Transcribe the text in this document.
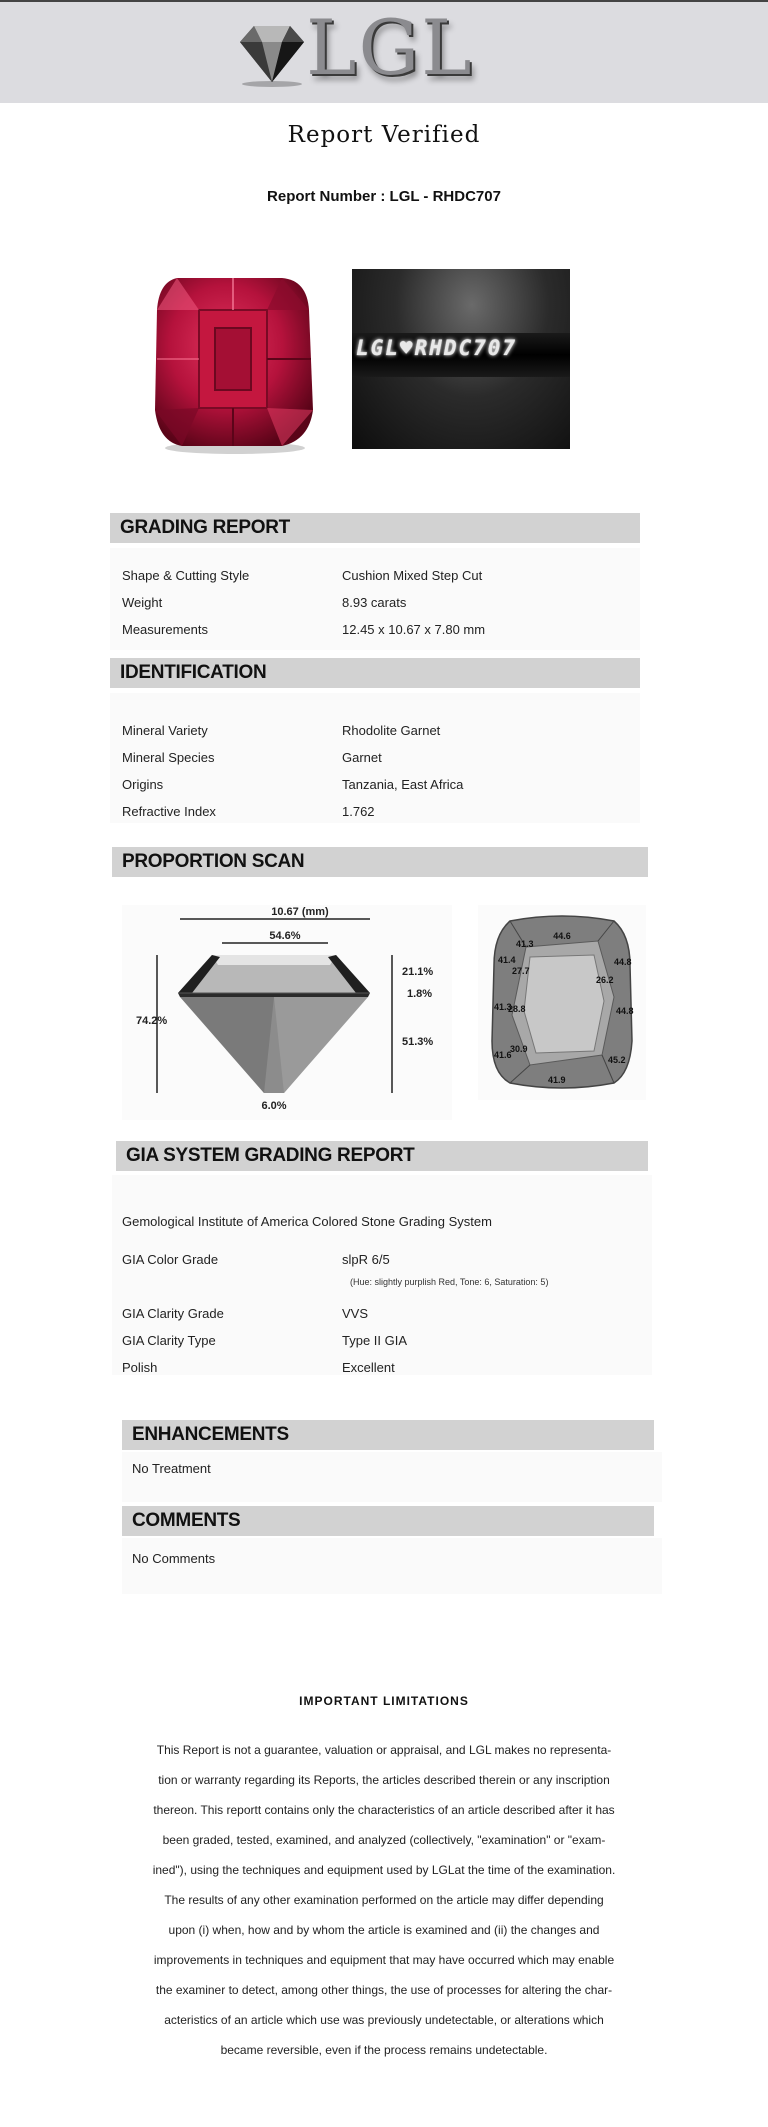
LGL
Report Verified
Report Number : LGL - RHDC707
LGL♥RHDC707
GRADING REPORT
Shape & Cutting Style	Cushion Mixed Step Cut
Weight	8.93 carats
Measurements	12.45 x 10.67 x 7.80 mm
IDENTIFICATION
Mineral Variety	Rhodolite Garnet
Mineral Species	Garnet
Origins	Tanzania, East Africa
Refractive Index	1.762
PROPORTION SCAN
10.67 (mm)
54.6%
74.2%
21.1%
1.8%
51.3%
6.0%
44.6
41.3
41.4	44.8
27.7
26.2
41.3
28.8	44.8
30.9
41.6	45.2
41.9
GIA SYSTEM GRADING REPORT
Gemological Institute of America Colored Stone Grading System
GIA Color Grade	slpR 6/5
(Hue: slightly purplish Red, Tone: 6, Saturation: 5)
GIA Clarity Grade	VVS
GIA Clarity Type	Type II GIA
Polish	Excellent
ENHANCEMENTS
No Treatment
COMMENTS
No Comments
IMPORTANT LIMITATIONS
This Report is not a guarantee, valuation or appraisal, and LGL makes no representa-
tion or warranty regarding its Reports, the articles described therein or any inscription
thereon. This reportt contains only the characteristics of an article described after it has
been graded, tested, examined, and analyzed (collectively, "examination" or "exam-
ined"), using the techniques and equipment used by LGLat the time of the examination.
The results of any other examination performed on the article may differ depending
upon (i) when, how and by whom the article is examined and (ii) the changes and
improvements in techniques and equipment that may have occurred which may enable
the examiner to detect, among other things, the use of processes for altering the char-
acteristics of an article which use was previously undetectable, or alterations which
became reversible, even if the process remains undetectable.
